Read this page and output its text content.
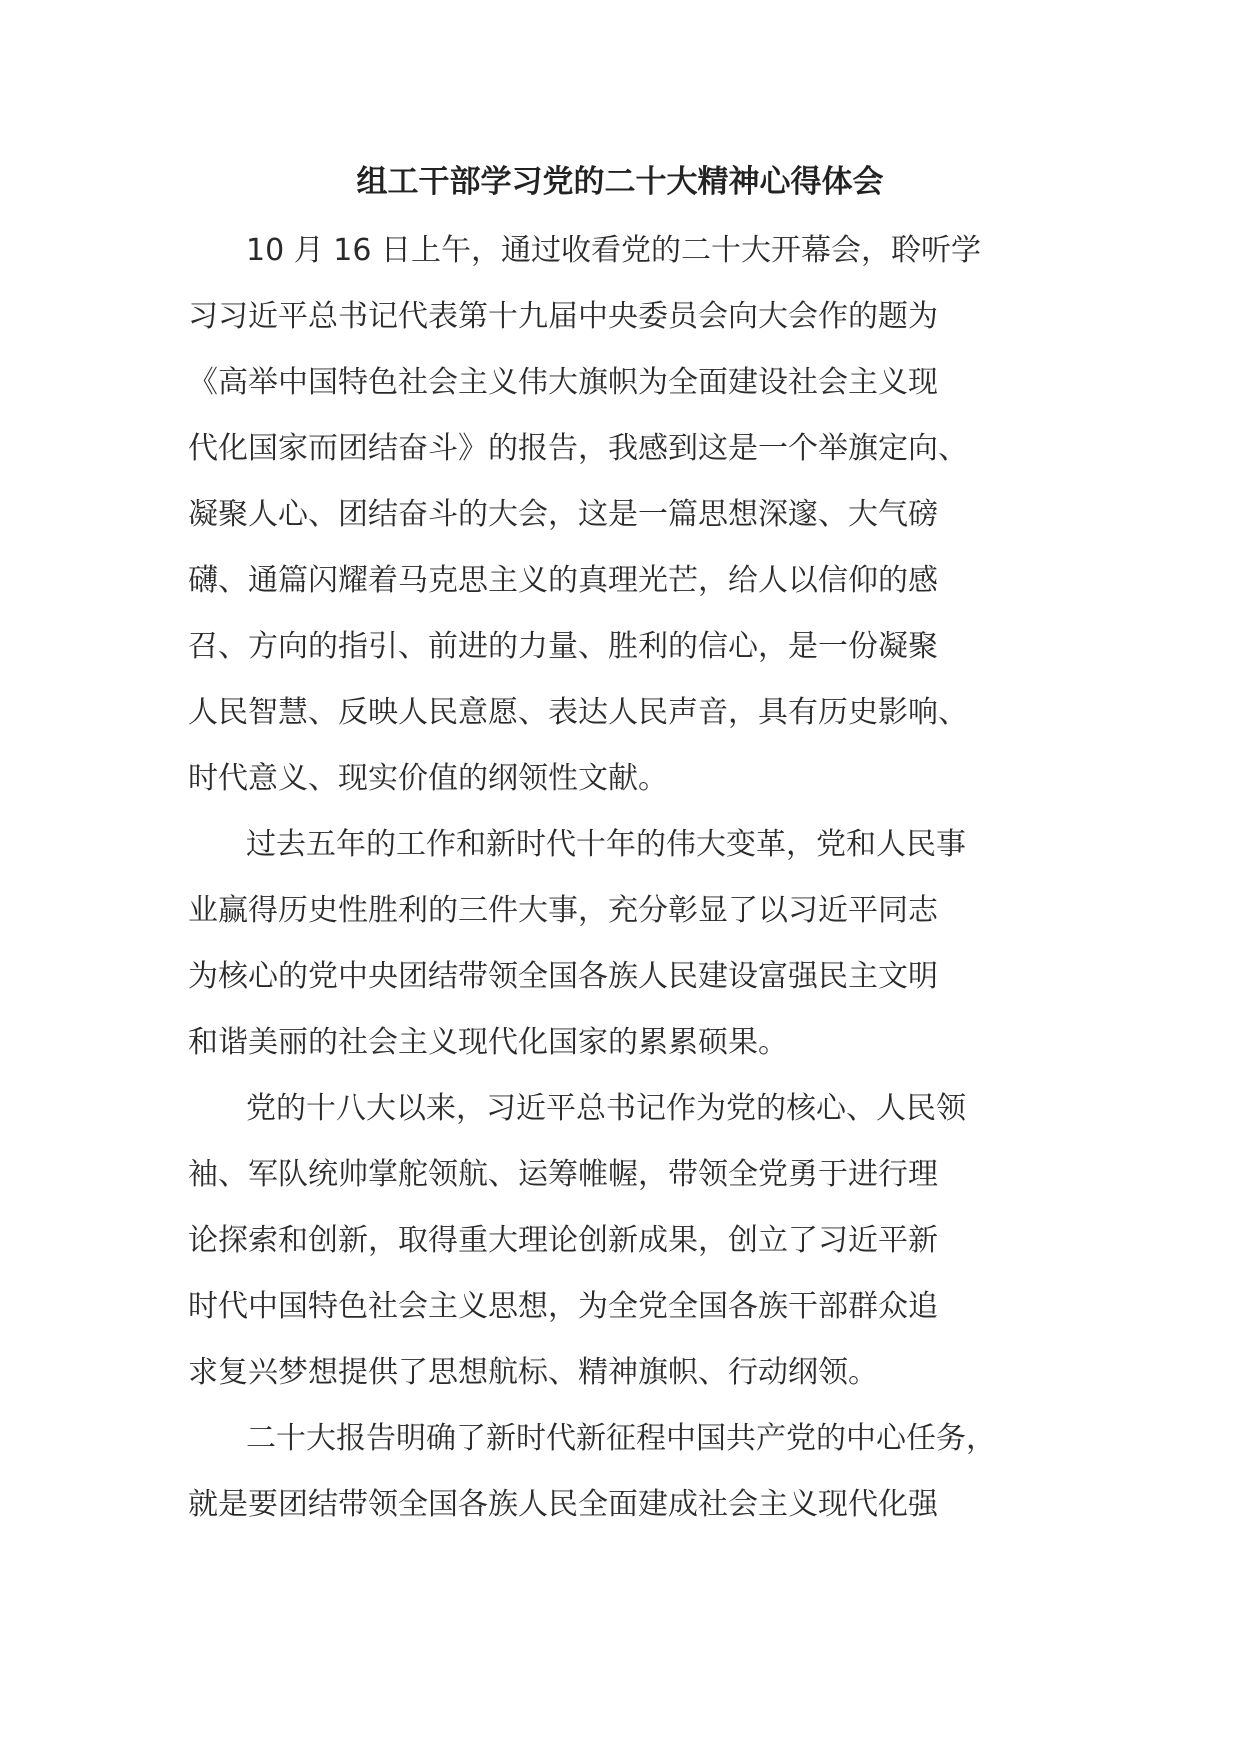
组工干部学习党的二十大精神心得体会
10 月 16 日上午，通过收看党的二十大开幕会，聆听学
习习近平总书记代表第十九届中央委员会向大会作的题为
《高举中国特色社会主义伟大旗帜为全面建设社会主义现
代化国家而团结奋斗》的报告，我感到这是一个举旗定向、
凝聚人心、团结奋斗的大会，这是一篇思想深邃、大气磅
礴、通篇闪耀着马克思主义的真理光芒，给人以信仰的感
召、方向的指引、前进的力量、胜利的信心，是一份凝聚
人民智慧、反映人民意愿、表达人民声音，具有历史影响、
时代意义、现实价值的纲领性文献。
过去五年的工作和新时代十年的伟大变革，党和人民事
业赢得历史性胜利的三件大事，充分彰显了以习近平同志
为核心的党中央团结带领全国各族人民建设富强民主文明
和谐美丽的社会主义现代化国家的累累硕果。
党的十八大以来，习近平总书记作为党的核心、人民领
袖、军队统帅掌舵领航、运筹帷幄，带领全党勇于进行理
论探索和创新，取得重大理论创新成果，创立了习近平新
时代中国特色社会主义思想，为全党全国各族干部群众追
求复兴梦想提供了思想航标、精神旗帜、行动纲领。
二十大报告明确了新时代新征程中国共产党的中心任务，
就是要团结带领全国各族人民全面建成社会主义现代化强
